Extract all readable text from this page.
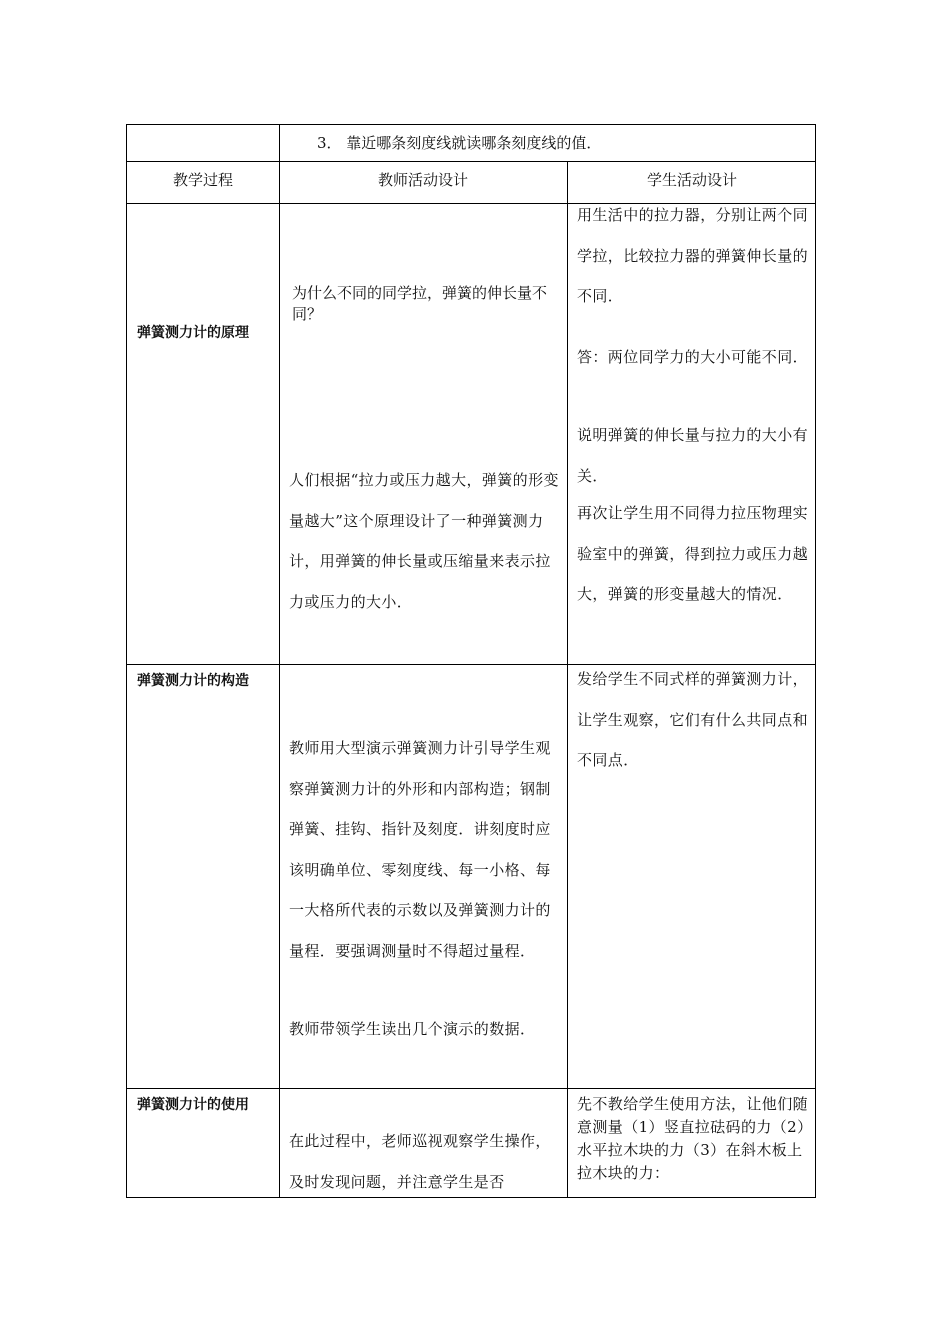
3． 靠近哪条刻度线就读哪条刻度线的值．
教学过程	教师活动设计	学生活动设计
弹簧测力计的原理
为什么不同的同学拉，弹簧的伸长量不同？
人们根据“拉力或压力越大，弹簧的形变量越大”这个原理设计了一种弹簧测力计，用弹簧的伸长量或压缩量来表示拉力或压力的大小．
用生活中的拉力器，分别让两个同学拉，比较拉力器的弹簧伸长量的不同．
答：两位同学力的大小可能不同．
说明弹簧的伸长量与拉力的大小有关．
再次让学生用不同得力拉压物理实验室中的弹簧，得到拉力或压力越大，弹簧的形变量越大的情况．
弹簧测力计的构造
教师用大型演示弹簧测力计引导学生观察弹簧测力计的外形和内部构造；钢制弹簧、挂钩、指针及刻度．讲刻度时应该明确单位、零刻度线、每一小格、每一大格所代表的示数以及弹簧测力计的量程．要强调测量时不得超过量程．
教师带领学生读出几个演示的数据．
发给学生不同式样的弹簧测力计，让学生观察，它们有什么共同点和不同点．
弹簧测力计的使用
在此过程中，老师巡视观察学生操作，及时发现问题，并注意学生是否
先不教给学生使用方法，让他们随意测量（1）竖直拉砝码的力（2）水平拉木块的力（3）在斜木板上拉木块的力：
